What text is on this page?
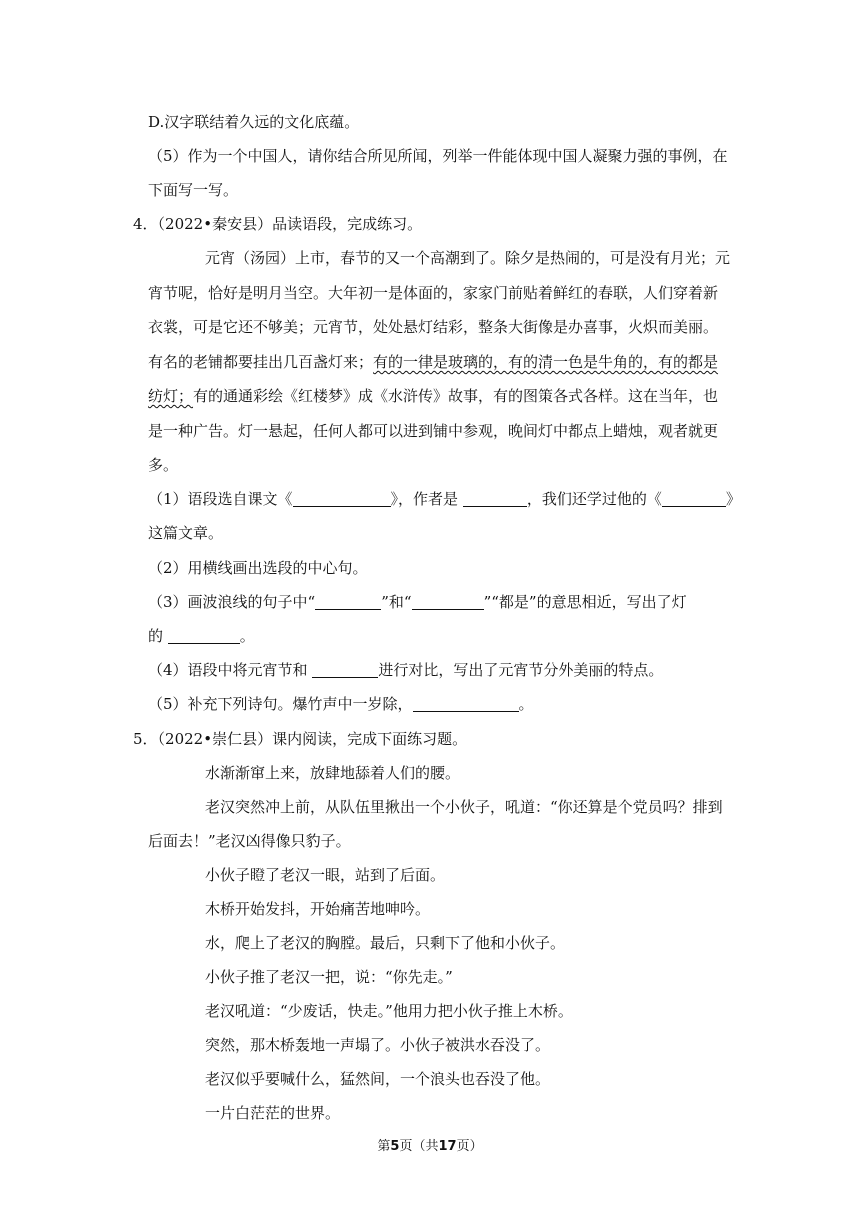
D.汉字联结着久远的文化底蕴。
（5）作为一个中国人，请你结合所见所闻，列举一件能体现中国人凝聚力强的事例，在
下面写一写。
4．（2022•秦安县）品读语段，完成练习。
元宵（汤园）上市，春节的又一个高潮到了。除夕是热闹的，可是没有月光；元
宵节呢，恰好是明月当空。大年初一是体面的，家家门前贴着鲜红的春联，人们穿着新
衣裳，可是它还不够美；元宵节，处处悬灯结彩，整条大街像是办喜事，火炽而美丽。
有名的老铺都要挂出几百盏灯来；有的一律是玻璃的，有的清一色是牛角的，有的都是
纺灯；有的通通彩绘《红楼梦》成《水浒传》故事，有的图策各式各样。这在当年，也
是一种广告。灯一悬起，任何人都可以进到铺中参观，晚间灯中都点上蜡烛，观者就更
多。
（1）语段选自课文《	》，作者是	，我们还学过他的《	》
这篇文章。
（2）用横线画出选段的中心句。
（3）画波浪线的句子中“	”和“	”“都是”的意思相近，写出了灯
的	。
（4）语段中将元宵节和	进行对比，写出了元宵节分外美丽的特点。
（5）补充下列诗句。爆竹声中一岁除，	。
5．（2022•崇仁县）课内阅读，完成下面练习题。
水渐渐窜上来，放肆地舔着人们的腰。
老汉突然冲上前，从队伍里揪出一个小伙子，吼道：“你还算是个党员吗？排到
后面去！”老汉凶得像只豹子。
小伙子瞪了老汉一眼，站到了后面。
木桥开始发抖，开始痛苦地呻吟。
水，爬上了老汉的胸膛。最后，只剩下了他和小伙子。
小伙子推了老汉一把，说：“你先走。”
老汉吼道：“少废话，快走。”他用力把小伙子推上木桥。
突然，那木桥轰地一声塌了。小伙子被洪水吞没了。
老汉似乎要喊什么，猛然间，一个浪头也吞没了他。
一片白茫茫的世界。
第5页（共17页）
